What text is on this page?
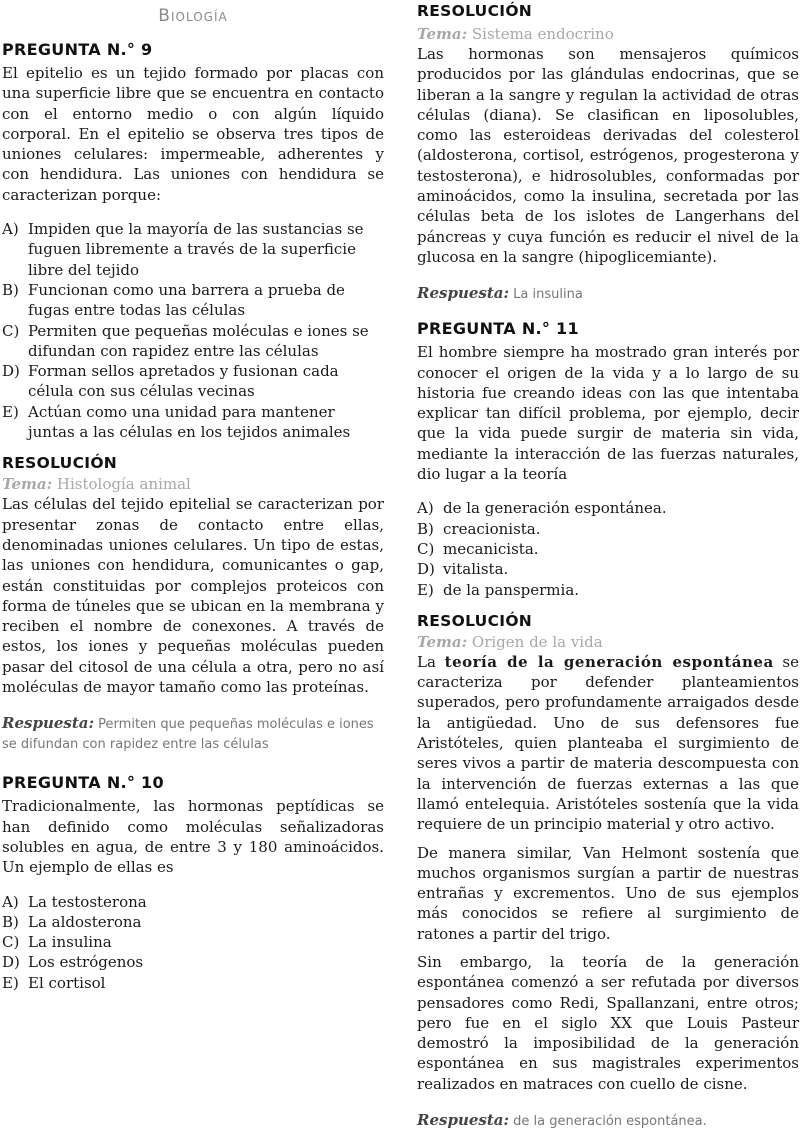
Biología
PREGUNTA N.° 9

El epitelio es un tejido formado por placas con una superficie libre que se encuentra en contacto con el entorno medio o con algún líquido corporal. En el epitelio se observa tres tipos de uniones celulares: impermeable, adherentes y con hendidura. Las uniones con hendidura se caracterizan porque:

A) Impiden que la mayoría de las sustancias se fuguen libremente a través de la superficie libre del tejido
B) Funcionan como una barrera a prueba de fugas entre todas las células
C) Permiten que pequeñas moléculas e iones se difundan con rapidez entre las células
D) Forman sellos apretados y fusionan cada célula con sus células vecinas
E) Actúan como una unidad para mantener juntas a las células en los tejidos animales
RESOLUCIÓN
Tema: Histología animal

Las células del tejido epitelial se caracterizan por presentar zonas de contacto entre ellas, denominadas uniones celulares. Un tipo de estas, las uniones con hendidura, comunicantes o gap, están constituidas por complejos proteicos con forma de túneles que se ubican en la membrana y reciben el nombre de conexones. A través de estos, los iones y pequeñas moléculas pueden pasar del citosol de una célula a otra, pero no así moléculas de mayor tamaño como las proteínas.

Respuesta: Permiten que pequeñas moléculas e iones se difundan con rapidez entre las células
PREGUNTA N.° 10

Tradicionalmente, las hormonas peptídicas se han definido como moléculas señalizadoras solubles en agua, de entre 3 y 180 aminoácidos. Un ejemplo de ellas es

A) La testosterona
B) La aldosterona
C) La insulina
D) Los estrógenos
E) El cortisol
RESOLUCIÓN
Tema: Sistema endocrino

Las hormonas son mensajeros químicos producidos por las glándulas endocrinas, que se liberan a la sangre y regulan la actividad de otras células (diana). Se clasifican en liposolubles, como las esteroideas derivadas del colesterol (aldosterona, cortisol, estrógenos, progesterona y testosterona), e hidrosolubles, conformadas por aminoácidos, como la insulina, secretada por las células beta de los islotes de Langerhans del páncreas y cuya función es reducir el nivel de la glucosa en la sangre (hipoglicemiante).

Respuesta: La insulina
PREGUNTA N.° 11

El hombre siempre ha mostrado gran interés por conocer el origen de la vida y a lo largo de su historia fue creando ideas con las que intentaba explicar tan difícil problema, por ejemplo, decir que la vida puede surgir de materia sin vida, mediante la interacción de las fuerzas naturales, dio lugar a la teoría

A) de la generación espontánea.
B) creacionista.
C) mecanicista.
D) vitalista.
E) de la panspermia.
RESOLUCIÓN
Tema: Origen de la vida

La teoría de la generación espontánea se caracteriza por defender planteamientos superados, pero profundamente arraigados desde la antigüedad. Uno de sus defensores fue Aristóteles, quien planteaba el surgimiento de seres vivos a partir de materia descompuesta con la intervención de fuerzas externas a las que llamó entelequia. Aristóteles sostenía que la vida requiere de un principio material y otro activo.

De manera similar, Van Helmont sostenía que muchos organismos surgían a partir de nuestras entrañas y excrementos. Uno de sus ejemplos más conocidos se refiere al surgimiento de ratones a partir del trigo.

Sin embargo, la teoría de la generación espontánea comenzó a ser refutada por diversos pensadores como Redi, Spallanzani, entre otros; pero fue en el siglo XX que Louis Pasteur demostró la imposibilidad de la generación espontánea en sus magistrales experimentos realizados en matraces con cuello de cisne.

Respuesta: de la generación espontánea.
